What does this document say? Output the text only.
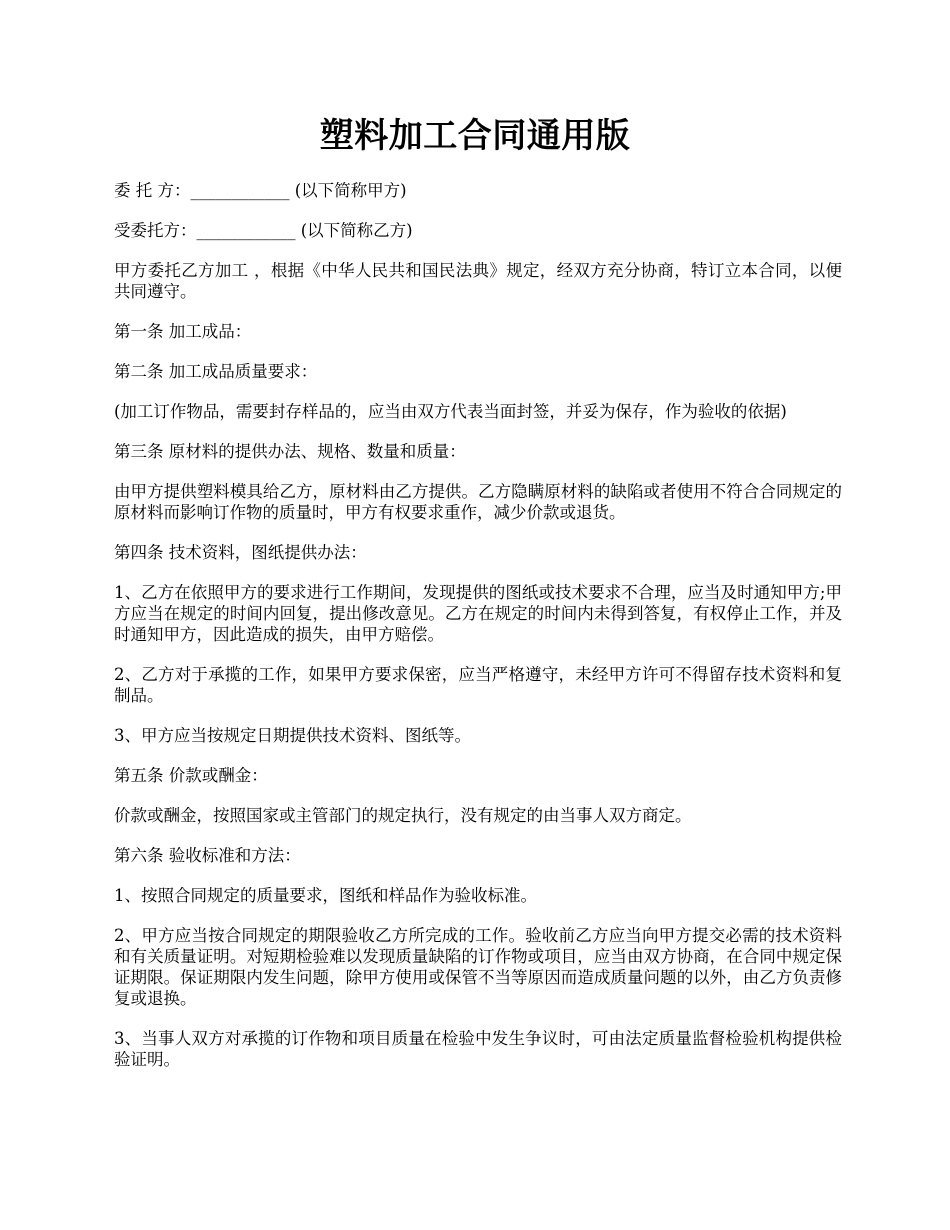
塑料加工合同通用版

委 托 方：____________ (以下简称甲方)

受委托方：____________ (以下简称乙方)

甲方委托乙方加工 ，根据《中华人民共和国民法典》规定，经双方充分协商，特订立本合同，以便共同遵守。

第一条 加工成品：

第二条 加工成品质量要求：

(加工订作物品，需要封存样品的，应当由双方代表当面封签，并妥为保存，作为验收的依据)

第三条 原材料的提供办法、规格、数量和质量：

由甲方提供塑料模具给乙方，原材料由乙方提供。乙方隐瞒原材料的缺陷或者使用不符合合同规定的原材料而影响订作物的质量时，甲方有权要求重作，减少价款或退货。

第四条 技术资料，图纸提供办法：

1、乙方在依照甲方的要求进行工作期间，发现提供的图纸或技术要求不合理，应当及时通知甲方;甲方应当在规定的时间内回复，提出修改意见。乙方在规定的时间内未得到答复，有权停止工作，并及时通知甲方，因此造成的损失，由甲方赔偿。

2、乙方对于承揽的工作，如果甲方要求保密，应当严格遵守，未经甲方许可不得留存技术资料和复制品。

3、甲方应当按规定日期提供技术资料、图纸等。

第五条 价款或酬金：

价款或酬金，按照国家或主管部门的规定执行，没有规定的由当事人双方商定。

第六条 验收标准和方法：

1、按照合同规定的质量要求，图纸和样品作为验收标准。

2、甲方应当按合同规定的期限验收乙方所完成的工作。验收前乙方应当向甲方提交必需的技术资料和有关质量证明。对短期检验难以发现质量缺陷的订作物或项目，应当由双方协商，在合同中规定保证期限。保证期限内发生问题，除甲方使用或保管不当等原因而造成质量问题的以外，由乙方负责修复或退换。

3、当事人双方对承揽的订作物和项目质量在检验中发生争议时，可由法定质量监督检验机构提供检验证明。
